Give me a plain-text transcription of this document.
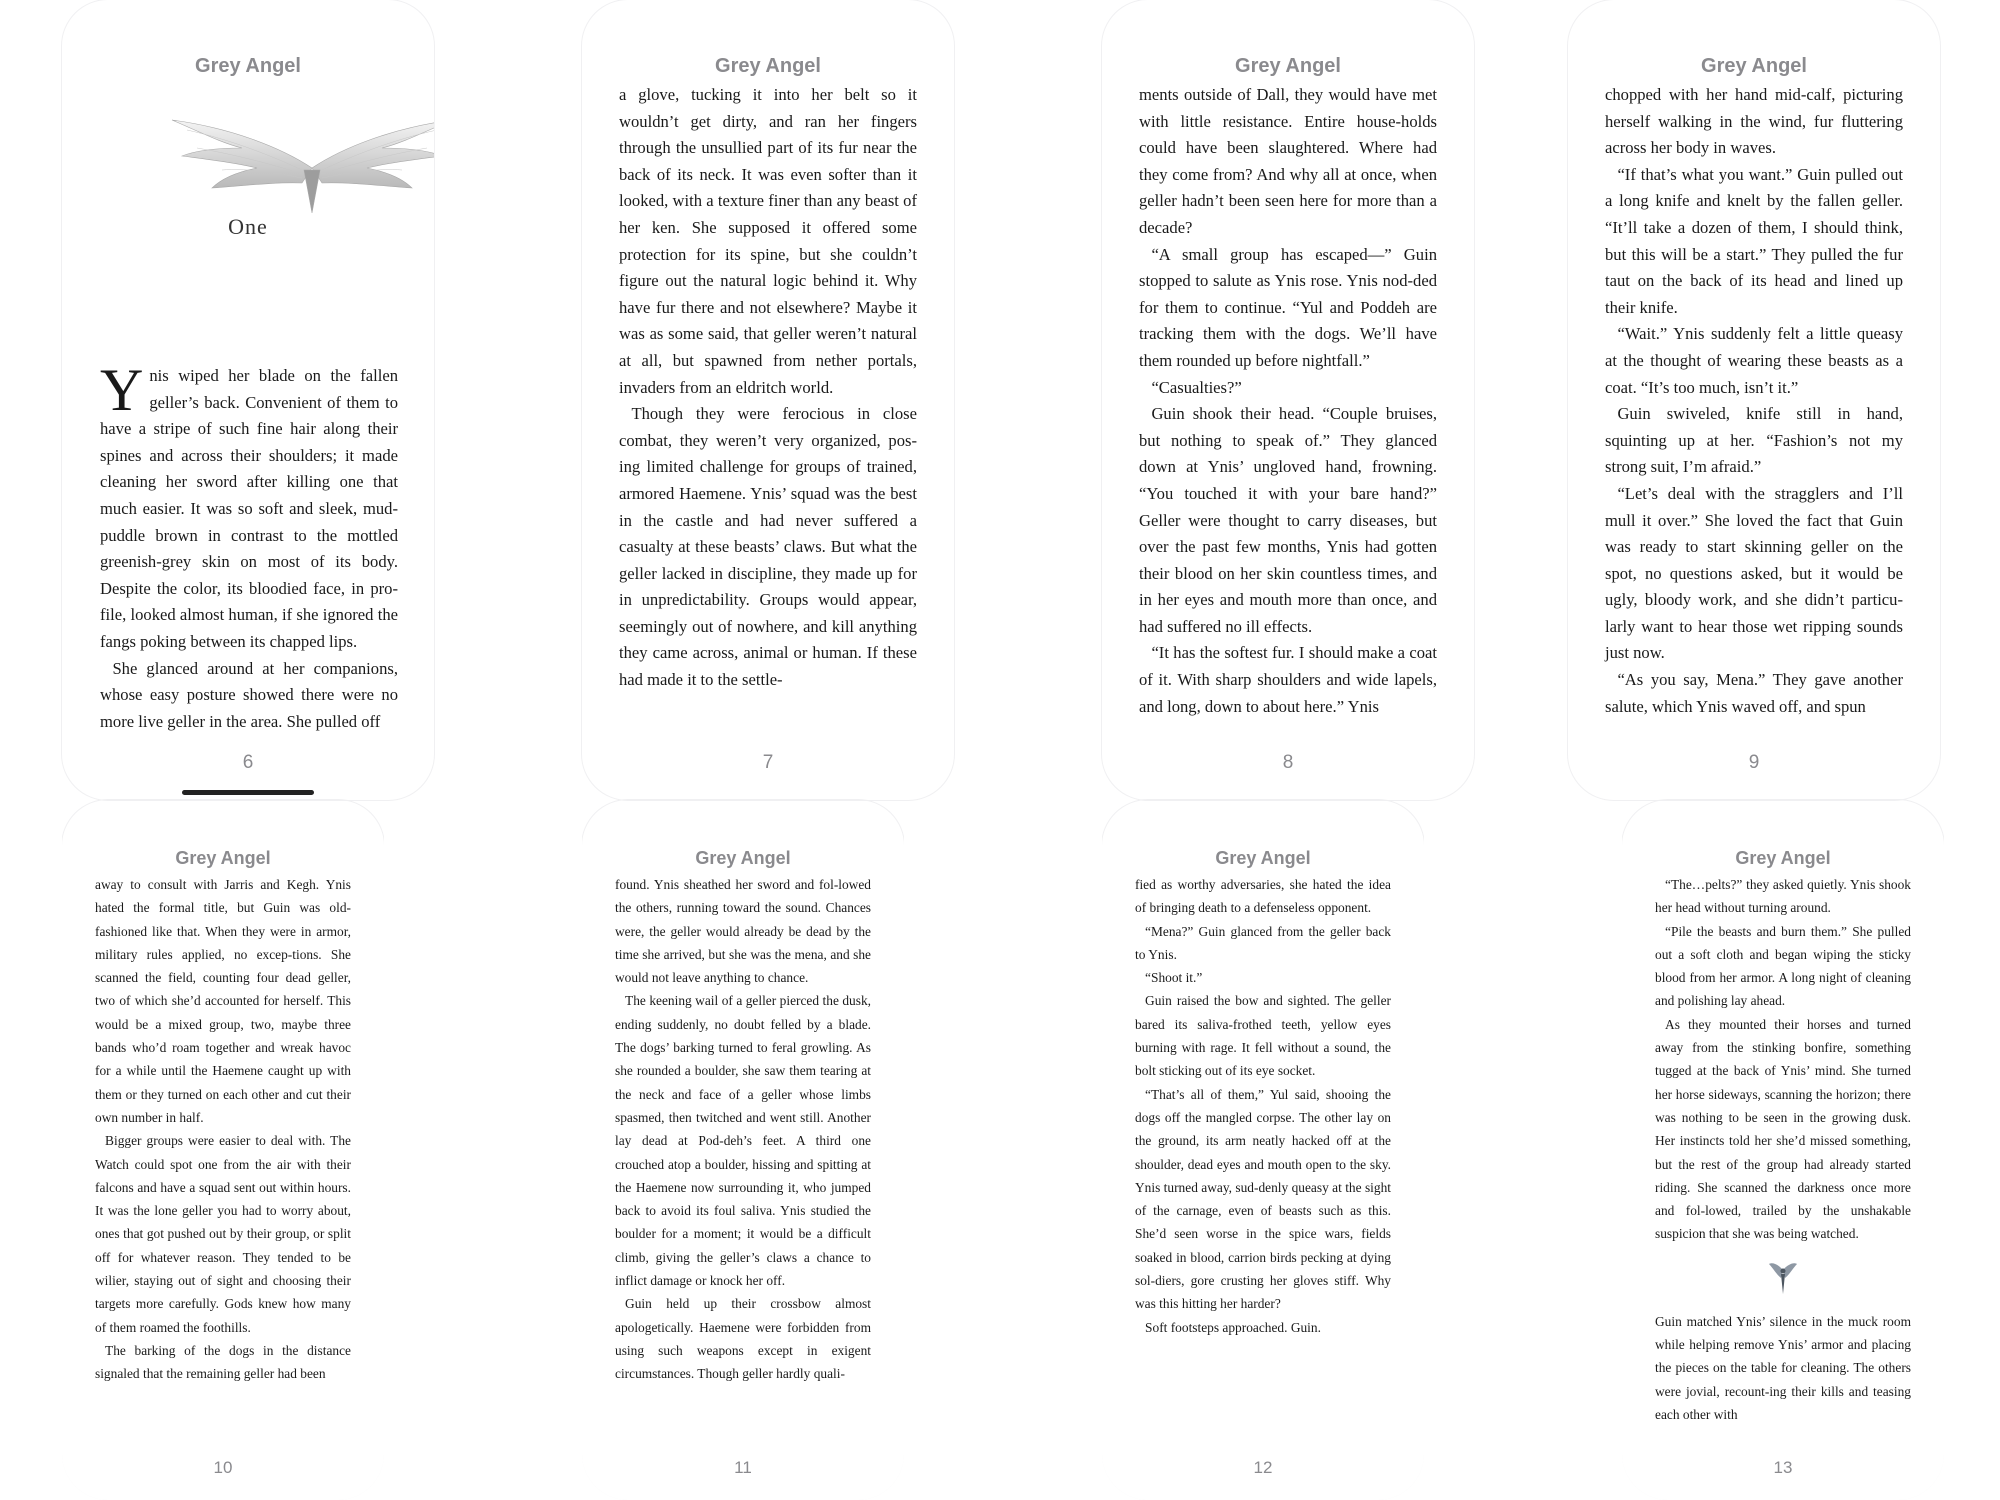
Grey Angel
One

Ynis wiped her blade on the fallen geller’s back. Convenient of them to have a stripe of such fine hair along their spines and across their shoulders; it made cleaning her sword after killing one that much easier. It was so soft and sleek, mud-puddle brown in contrast to the mottled greenish-grey skin on most of its body. Despite the color, its bloodied face, in pro-file, looked almost human, if she ignored the fangs poking between its chapped lips.

She glanced around at her companions, whose easy posture showed there were no more live geller in the area. She pulled off

6
Grey Angel

a glove, tucking it into her belt so it wouldn’t get dirty, and ran her fingers through the unsullied part of its fur near the back of its neck. It was even softer than it looked, with a texture finer than any beast of her ken. She supposed it offered some protection for its spine, but she couldn’t figure out the natural logic behind it. Why have fur there and not elsewhere? Maybe it was as some said, that geller weren’t natural at all, but spawned from nether portals, invaders from an eldritch world.

Though they were ferocious in close combat, they weren’t very organized, pos-ing limited challenge for groups of trained, armored Haemene. Ynis’ squad was the best in the castle and had never suffered a casualty at these beasts’ claws. But what the geller lacked in discipline, they made up for in unpredictability. Groups would appear, seemingly out of nowhere, and kill anything they came across, animal or human. If these had made it to the settle-

7
Grey Angel

ments outside of Dall, they would have met with little resistance. Entire house-holds could have been slaughtered. Where had they come from? And why all at once, when geller hadn’t been seen here for more than a decade?

“A small group has escaped—” Guin stopped to salute as Ynis rose. Ynis nod-ded for them to continue. “Yul and Poddeh are tracking them with the dogs. We’ll have them rounded up before nightfall.”

“Casualties?”

Guin shook their head. “Couple bruises, but nothing to speak of.” They glanced down at Ynis’ ungloved hand, frowning. “You touched it with your bare hand?” Geller were thought to carry diseases, but over the past few months, Ynis had gotten their blood on her skin countless times, and in her eyes and mouth more than once, and had suffered no ill effects.

“It has the softest fur. I should make a coat of it. With sharp shoulders and wide lapels, and long, down to about here.” Ynis

8
Grey Angel

chopped with her hand mid-calf, picturing herself walking in the wind, fur fluttering across her body in waves.

“If that’s what you want.” Guin pulled out a long knife and knelt by the fallen geller. “It’ll take a dozen of them, I should think, but this will be a start.” They pulled the fur taut on the back of its head and lined up their knife.

“Wait.” Ynis suddenly felt a little queasy at the thought of wearing these beasts as a coat. “It’s too much, isn’t it.”

Guin swiveled, knife still in hand, squinting up at her. “Fashion’s not my strong suit, I’m afraid.”

“Let’s deal with the stragglers and I’ll mull it over.” She loved the fact that Guin was ready to start skinning geller on the spot, no questions asked, but it would be ugly, bloody work, and she didn’t particu-larly want to hear those wet ripping sounds just now.

“As you say, Mena.” They gave another salute, which Ynis waved off, and spun

9
Grey Angel

away to consult with Jarris and Kegh. Ynis hated the formal title, but Guin was old-fashioned like that. When they were in armor, military rules applied, no excep-tions. She scanned the field, counting four dead geller, two of which she’d accounted for herself. This would be a mixed group, two, maybe three bands who’d roam together and wreak havoc for a while until the Haemene caught up with them or they turned on each other and cut their own number in half.

Bigger groups were easier to deal with. The Watch could spot one from the air with their falcons and have a squad sent out within hours. It was the lone geller you had to worry about, ones that got pushed out by their group, or split off for whatever reason. They tended to be wilier, staying out of sight and choosing their targets more carefully. Gods knew how many of them roamed the foothills.

The barking of the dogs in the distance signaled that the remaining geller had been

10
Grey Angel

found. Ynis sheathed her sword and fol-lowed the others, running toward the sound. Chances were, the geller would already be dead by the time she arrived, but she was the mena, and she would not leave anything to chance.

The keening wail of a geller pierced the dusk, ending suddenly, no doubt felled by a blade. The dogs’ barking turned to feral growling. As she rounded a boulder, she saw them tearing at the neck and face of a geller whose limbs spasmed, then twitched and went still. Another lay dead at Pod-deh’s feet. A third one crouched atop a boulder, hissing and spitting at the Haemene now surrounding it, who jumped back to avoid its foul saliva. Ynis studied the boulder for a moment; it would be a difficult climb, giving the geller’s claws a chance to inflict damage or knock her off.

Guin held up their crossbow almost apologetically. Haemene were forbidden from using such weapons except in exigent circumstances. Though geller hardly quali-

11
Grey Angel

fied as worthy adversaries, she hated the idea of bringing death to a defenseless opponent.

“Mena?” Guin glanced from the geller back to Ynis.

“Shoot it.”

Guin raised the bow and sighted. The geller bared its saliva-frothed teeth, yellow eyes burning with rage. It fell without a sound, the bolt sticking out of its eye socket.

“That’s all of them,” Yul said, shooing the dogs off the mangled corpse. The other lay on the ground, its arm neatly hacked off at the shoulder, dead eyes and mouth open to the sky. Ynis turned away, sud-denly queasy at the sight of the carnage, even of beasts such as this. She’d seen worse in the spice wars, fields soaked in blood, carrion birds pecking at dying sol-diers, gore crusting her gloves stiff. Why was this hitting her harder?

Soft footsteps approached. Guin.

12
Grey Angel

“The…pelts?” they asked quietly. Ynis shook her head without turning around.

“Pile the beasts and burn them.” She pulled out a soft cloth and began wiping the sticky blood from her armor. A long night of cleaning and polishing lay ahead.

As they mounted their horses and turned away from the stinking bonfire, something tugged at the back of Ynis’ mind. She turned her horse sideways, scanning the horizon; there was nothing to be seen in the growing dusk. Her instincts told her she’d missed something, but the rest of the group had already started riding. She scanned the darkness once more and fol-lowed, trailed by the unshakable suspicion that she was being watched.

Guin matched Ynis’ silence in the muck room while helping remove Ynis’ armor and placing the pieces on the table for cleaning. The others were jovial, recount-ing their kills and teasing each other with

13
